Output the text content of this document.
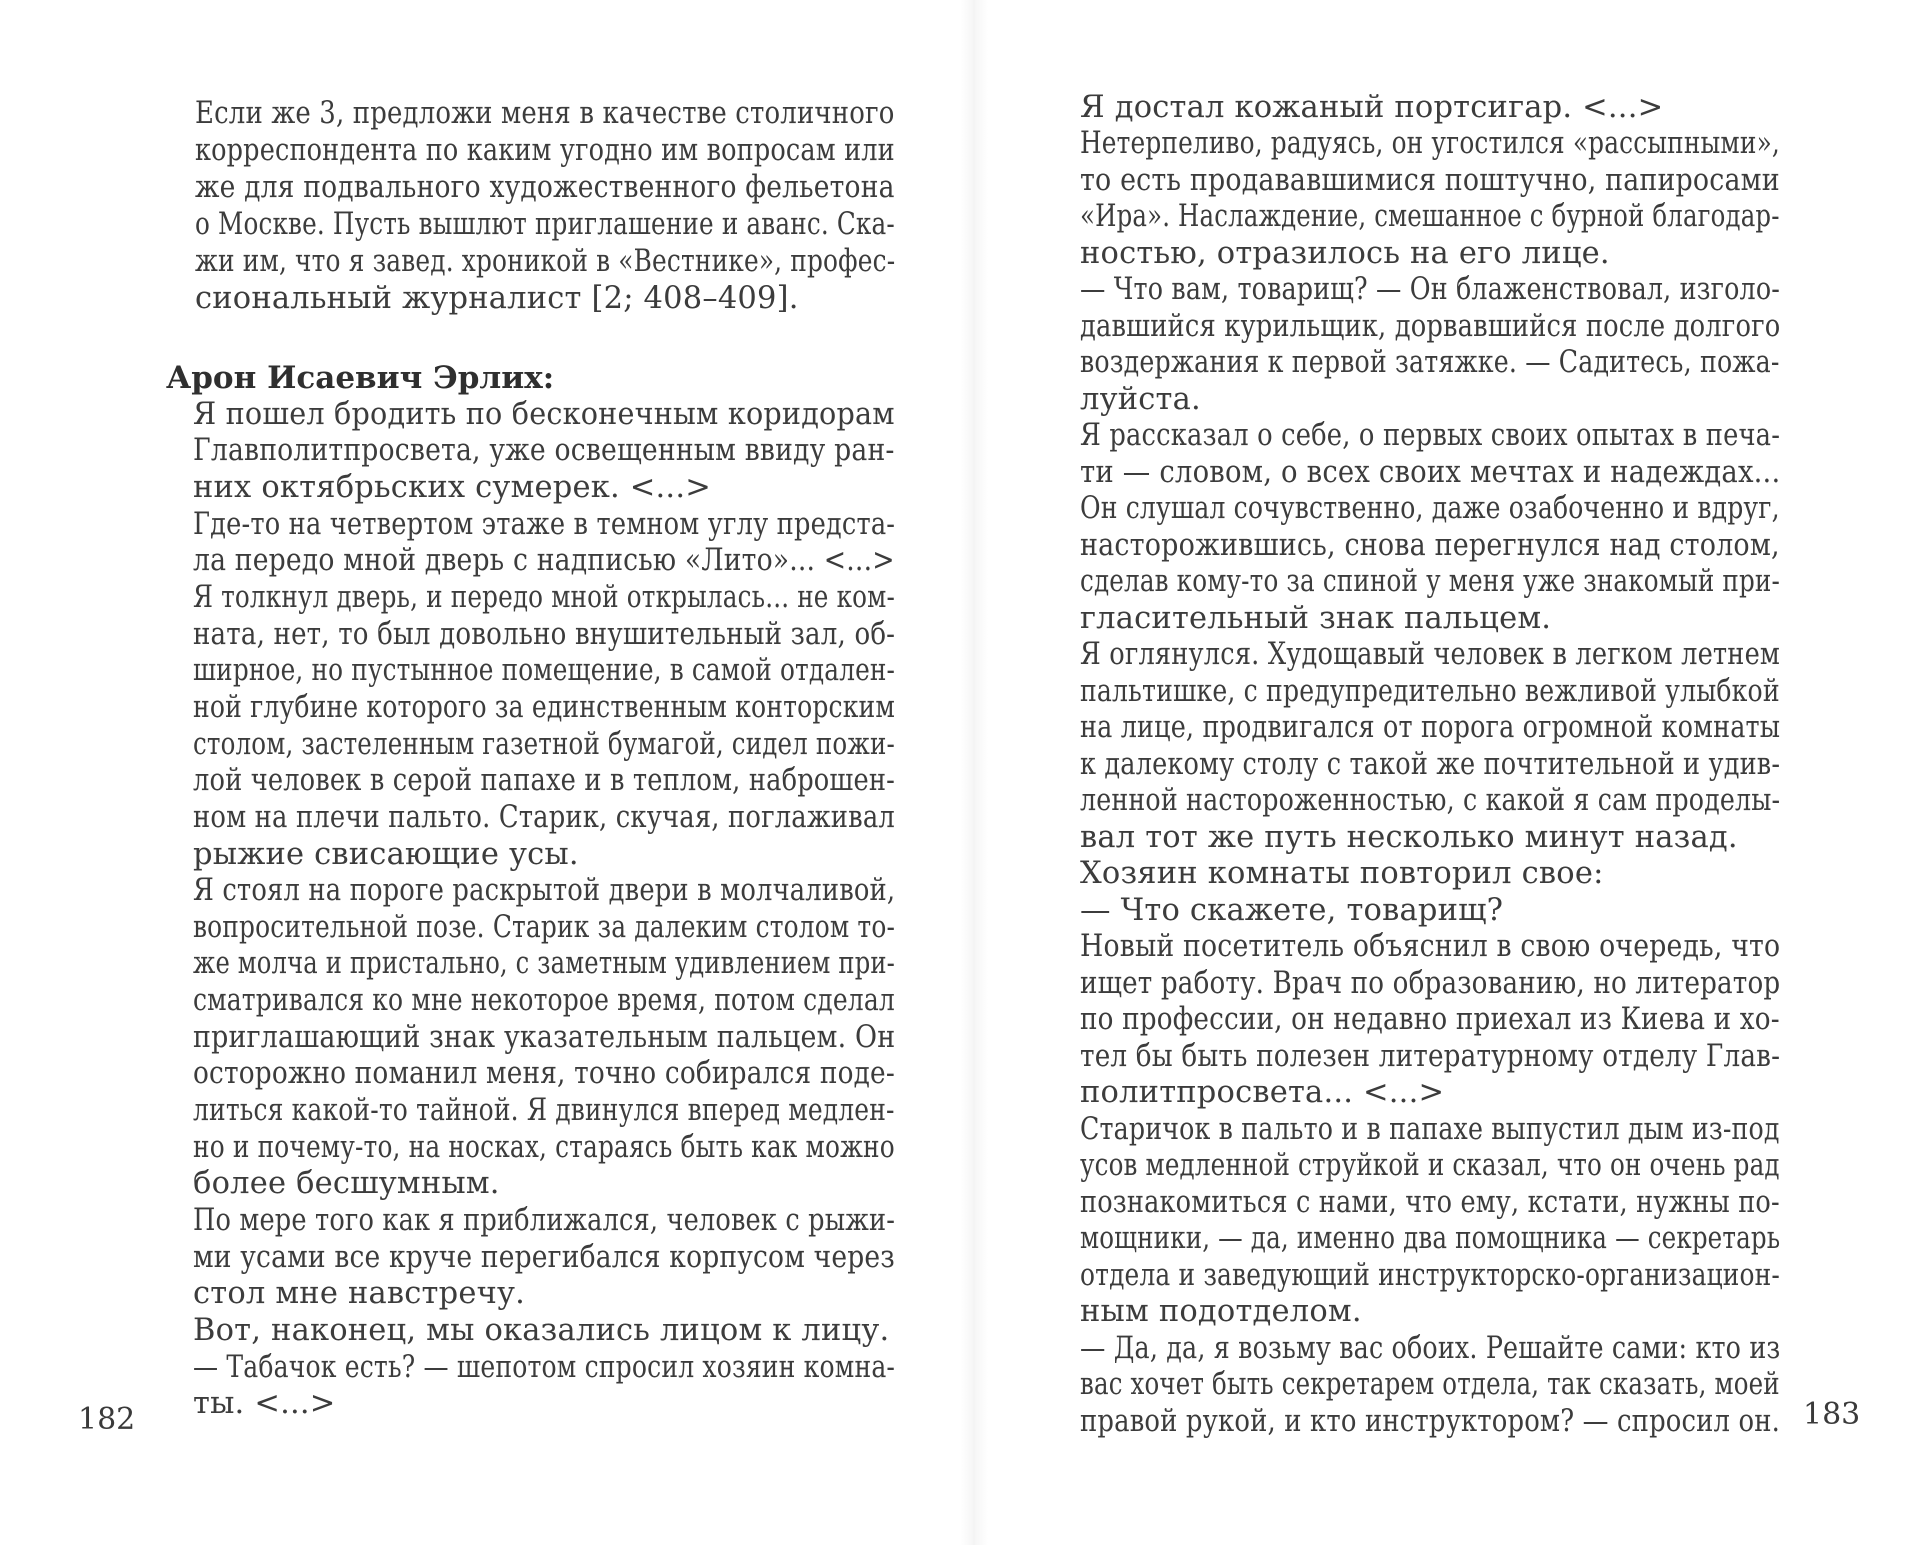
Если же 3, предложи меня в качестве столичного
корреспондента по каким угодно им вопросам или
же для подвального художественного фельетона
о Москве. Пусть вышлют приглашение и аванс. Ска-
жи им, что я завед. хроникой в «Вестнике», профес-
сиональный журналист [2; 408–409].
Арон Исаевич Эрлих:
Я пошел бродить по бесконечным коридорам
Главполитпросвета, уже освещенным ввиду ран-
них октябрьских сумерек. <...>
Где-то на четвертом этаже в темном углу предста-
ла передо мной дверь с надписью «Лито»... <...>
Я толкнул дверь, и передо мной открылась... не ком-
ната, нет, то был довольно внушительный зал, об-
ширное, но пустынное помещение, в самой отдален-
ной глубине которого за единственным конторским
столом, застеленным газетной бумагой, сидел пожи-
лой человек в серой папахе и в теплом, наброшен-
ном на плечи пальто. Старик, скучая, поглаживал
рыжие свисающие усы.
Я стоял на пороге раскрытой двери в молчаливой,
вопросительной позе. Старик за далеким столом то-
же молча и пристально, с заметным удивлением при-
сматривался ко мне некоторое время, потом сделал
приглашающий знак указательным пальцем. Он
осторожно поманил меня, точно собирался поде-
литься какой-то тайной. Я двинулся вперед медлен-
но и почему-то, на носках, стараясь быть как можно
более бесшумным.
По мере того как я приближался, человек с рыжи-
ми усами все круче перегибался корпусом через
стол мне навстречу.
Вот, наконец, мы оказались лицом к лицу.
— Табачок есть? — шепотом спросил хозяин комна-
ты. <...>
182
Я достал кожаный портсигар. <...>
Нетерпеливо, радуясь, он угостился «рассыпными»,
то есть продававшимися поштучно, папиросами
«Ира». Наслаждение, смешанное с бурной благодар-
ностью, отразилось на его лице.
— Что вам, товарищ? — Он блаженствовал, изголо-
давшийся курильщик, дорвавшийся после долгого
воздержания к первой затяжке. — Садитесь, пожа-
луйста.
Я рассказал о себе, о первых своих опытах в печа-
ти — словом, о всех своих мечтах и надеждах...
Он слушал сочувственно, даже озабоченно и вдруг,
насторожившись, снова перегнулся над столом,
сделав кому-то за спиной у меня уже знакомый при-
гласительный знак пальцем.
Я оглянулся. Худощавый человек в легком летнем
пальтишке, с предупредительно вежливой улыбкой
на лице, продвигался от порога огромной комнаты
к далекому столу с такой же почтительной и удив-
ленной настороженностью, с какой я сам проделы-
вал тот же путь несколько минут назад.
Хозяин комнаты повторил свое:
— Что скажете, товарищ?
Новый посетитель объяснил в свою очередь, что
ищет работу. Врач по образованию, но литератор
по профессии, он недавно приехал из Киева и хо-
тел бы быть полезен литературному отделу Глав-
политпросвета... <...>
Старичок в пальто и в папахе выпустил дым из-под
усов медленной струйкой и сказал, что он очень рад
познакомиться с нами, что ему, кстати, нужны по-
мощники, — да, именно два помощника — секретарь
отдела и заведующий инструкторско-организацион-
ным подотделом.
— Да, да, я возьму вас обоих. Решайте сами: кто из
вас хочет быть секретарем отдела, так сказать, моей
правой рукой, и кто инструктором? — спросил он. 183
